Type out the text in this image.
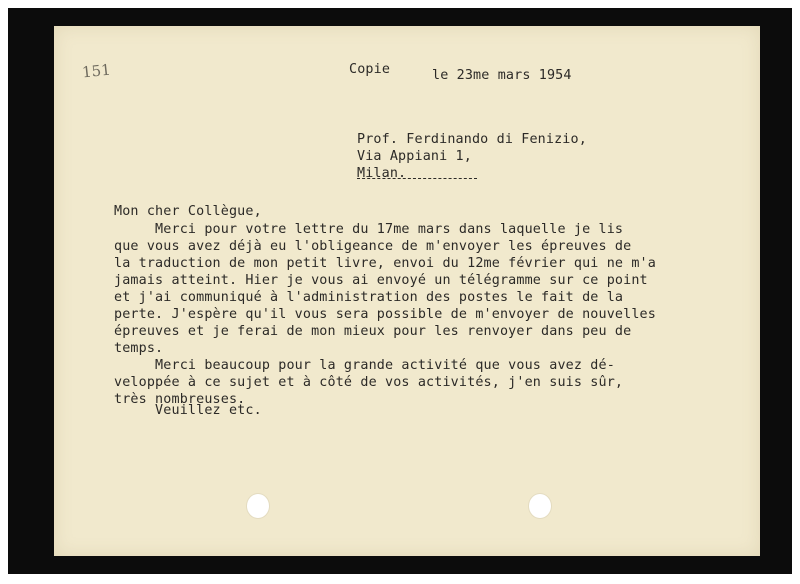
151	Copie	le 23me mars 1954
Prof. Ferdinando di Fenizio,
Via Appiani 1,
Milan.
Mon cher Collègue,
Merci pour votre lettre du 17me mars dans laquelle je lis
que vous avez déjà eu l'obligeance de m'envoyer les épreuves de
la traduction de mon petit livre, envoi du 12me février qui ne m'a
jamais atteint. Hier je vous ai envoyé un télégramme sur ce point
et j'ai communiqué à l'administration des postes le fait de la
perte. J'espère qu'il vous sera possible de m'envoyer de nouvelles
épreuves et je ferai de mon mieux pour les renvoyer dans peu de
temps.
Merci beaucoup pour la grande activité que vous avez dé-
veloppée à ce sujet et à côté de vos activités, j'en suis sûr,
très nombreuses.
Veuillez etc.
